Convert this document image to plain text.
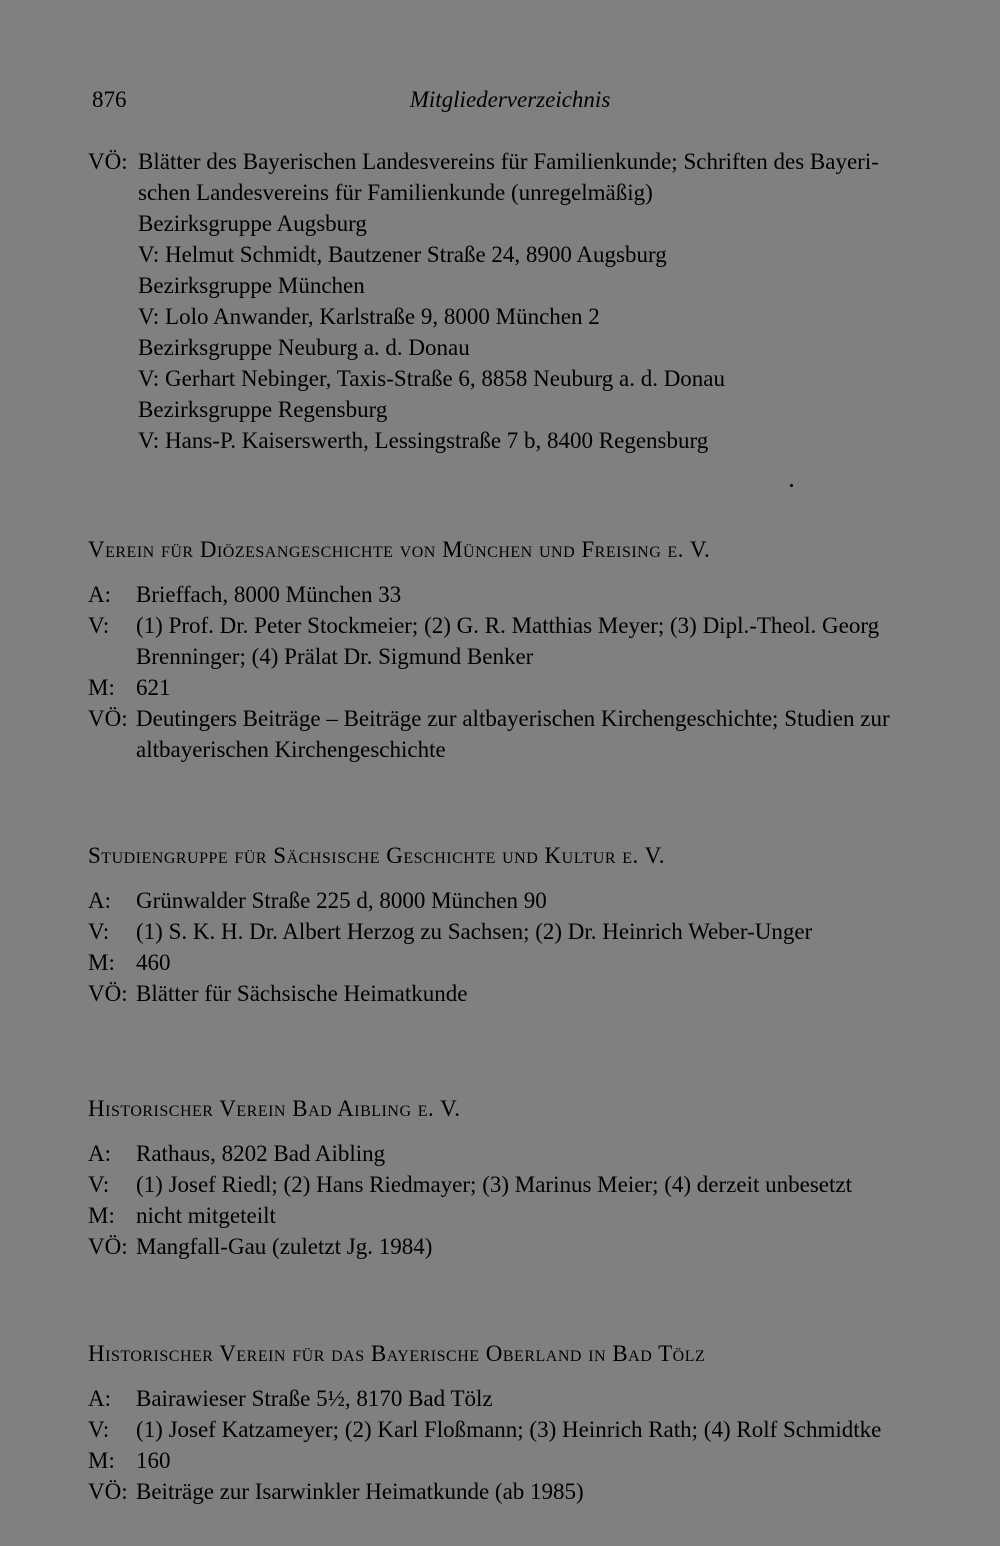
876	Mitgliederverzeichnis
VÖ: Blätter des Bayerischen Landesvereins für Familienkunde; Schriften des Bayeri-
schen Landesvereins für Familienkunde (unregelmäßig)
Bezirksgruppe Augsburg
V: Helmut Schmidt, Bautzener Straße 24, 8900 Augsburg
Bezirksgruppe München
V: Lolo Anwander, Karlstraße 9, 8000 München 2
Bezirksgruppe Neuburg a. d. Donau
V: Gerhart Nebinger, Taxis-Straße 6, 8858 Neuburg a. d. Donau
Bezirksgruppe Regensburg
V: Hans-P. Kaiserswerth, Lessingstraße 7 b, 8400 Regensburg
Verein für Diözesangeschichte von München und Freising e. V.
A:	Brieffach, 8000 München 33
V:	(1) Prof. Dr. Peter Stockmeier; (2) G. R. Matthias Meyer; (3) Dipl.-Theol. Georg
Brenninger; (4) Prälat Dr. Sigmund Benker
M: 621
VÖ: Deutingers Beiträge – Beiträge zur altbayerischen Kirchengeschichte; Studien zur
altbayerischen Kirchengeschichte
Studiengruppe für Sächsische Geschichte und Kultur e. V.
A:	Grünwalder Straße 225 d, 8000 München 90
V:	(1) S. K. H. Dr. Albert Herzog zu Sachsen; (2) Dr. Heinrich Weber-Unger
M: 460
VÖ: Blätter für Sächsische Heimatkunde
Historischer Verein Bad Aibling e. V.
A:	Rathaus, 8202 Bad Aibling
V:	(1) Josef Riedl; (2) Hans Riedmayer; (3) Marinus Meier; (4) derzeit unbesetzt
M: nicht mitgeteilt
VÖ: Mangfall-Gau (zuletzt Jg. 1984)
Historischer Verein für das Bayerische Oberland in Bad Tölz
A:	Bairawieser Straße 5½, 8170 Bad Tölz
V:	(1) Josef Katzameyer; (2) Karl Floßmann; (3) Heinrich Rath; (4) Rolf Schmidtke
M: 160
VÖ: Beiträge zur Isarwinkler Heimatkunde (ab 1985)
